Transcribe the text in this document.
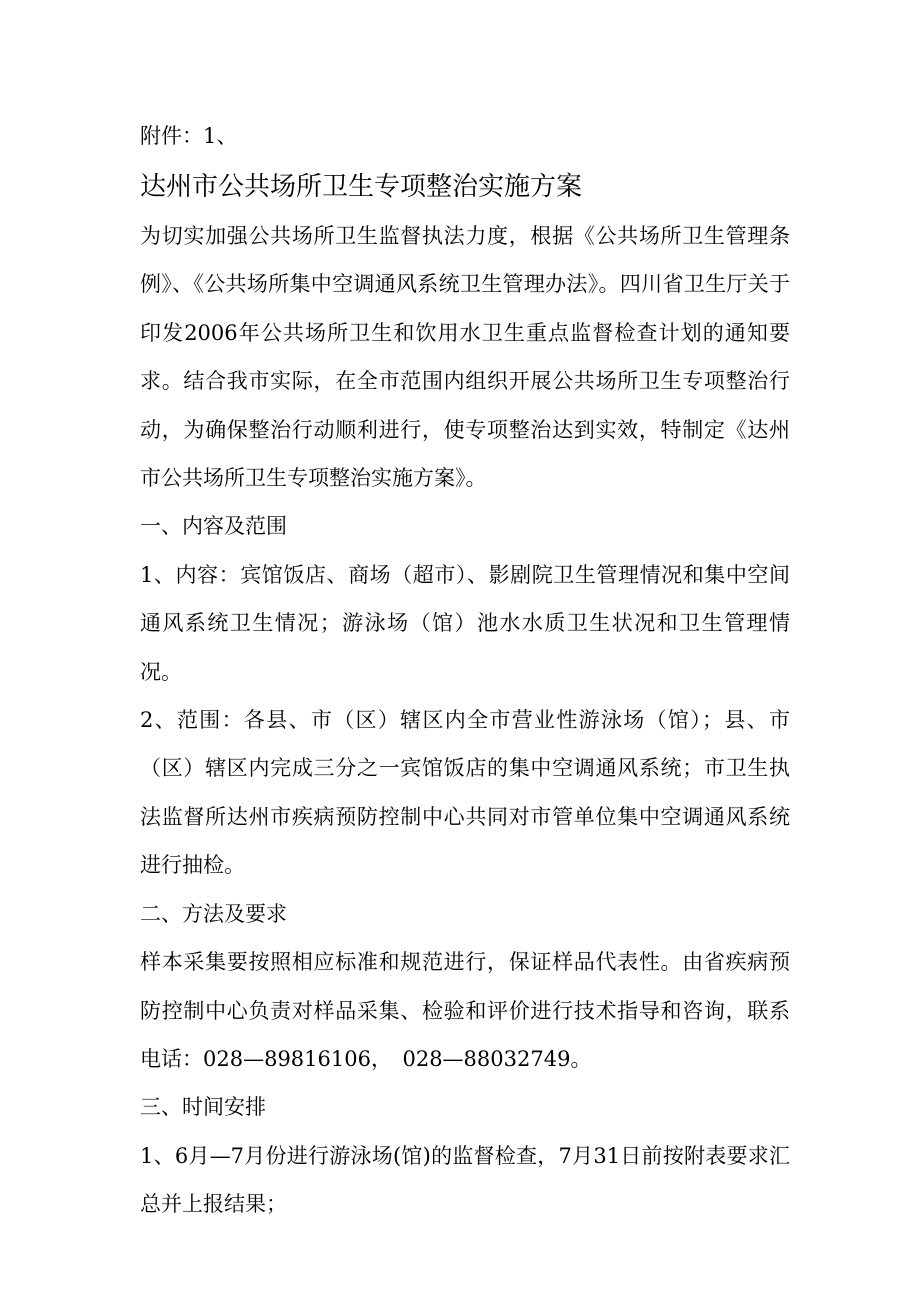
附件：1、
达州市公共场所卫生专项整治实施方案

为切实加强公共场所卫生监督执法力度，根据《公共场所卫生管理条例》、《公共场所集中空调通风系统卫生管理办法》。四川省卫生厅关于印发2006年公共场所卫生和饮用水卫生重点监督检查计划的通知要求。结合我市实际，在全市范围内组织开展公共场所卫生专项整治行动，为确保整治行动顺利进行，使专项整治达到实效，特制定《达州市公共场所卫生专项整治实施方案》。

一、内容及范围

1、内容：宾馆饭店、商场（超市）、影剧院卫生管理情况和集中空间通风系统卫生情况；游泳场（馆）池水水质卫生状况和卫生管理情况。

2、范围：各县、市（区）辖区内全市营业性游泳场（馆）；县、市（区）辖区内完成三分之一宾馆饭店的集中空调通风系统；市卫生执法监督所达州市疾病预防控制中心共同对市管单位集中空调通风系统进行抽检。

二、方法及要求

样本采集要按照相应标准和规范进行，保证样品代表性。由省疾病预防控制中心负责对样品采集、检验和评价进行技术指导和咨询，联系电话：028—89816106，　028—88032749。

三、时间安排

1、6月—7月份进行游泳场(馆)的监督检查，7月31日前按附表要求汇总并上报结果；
